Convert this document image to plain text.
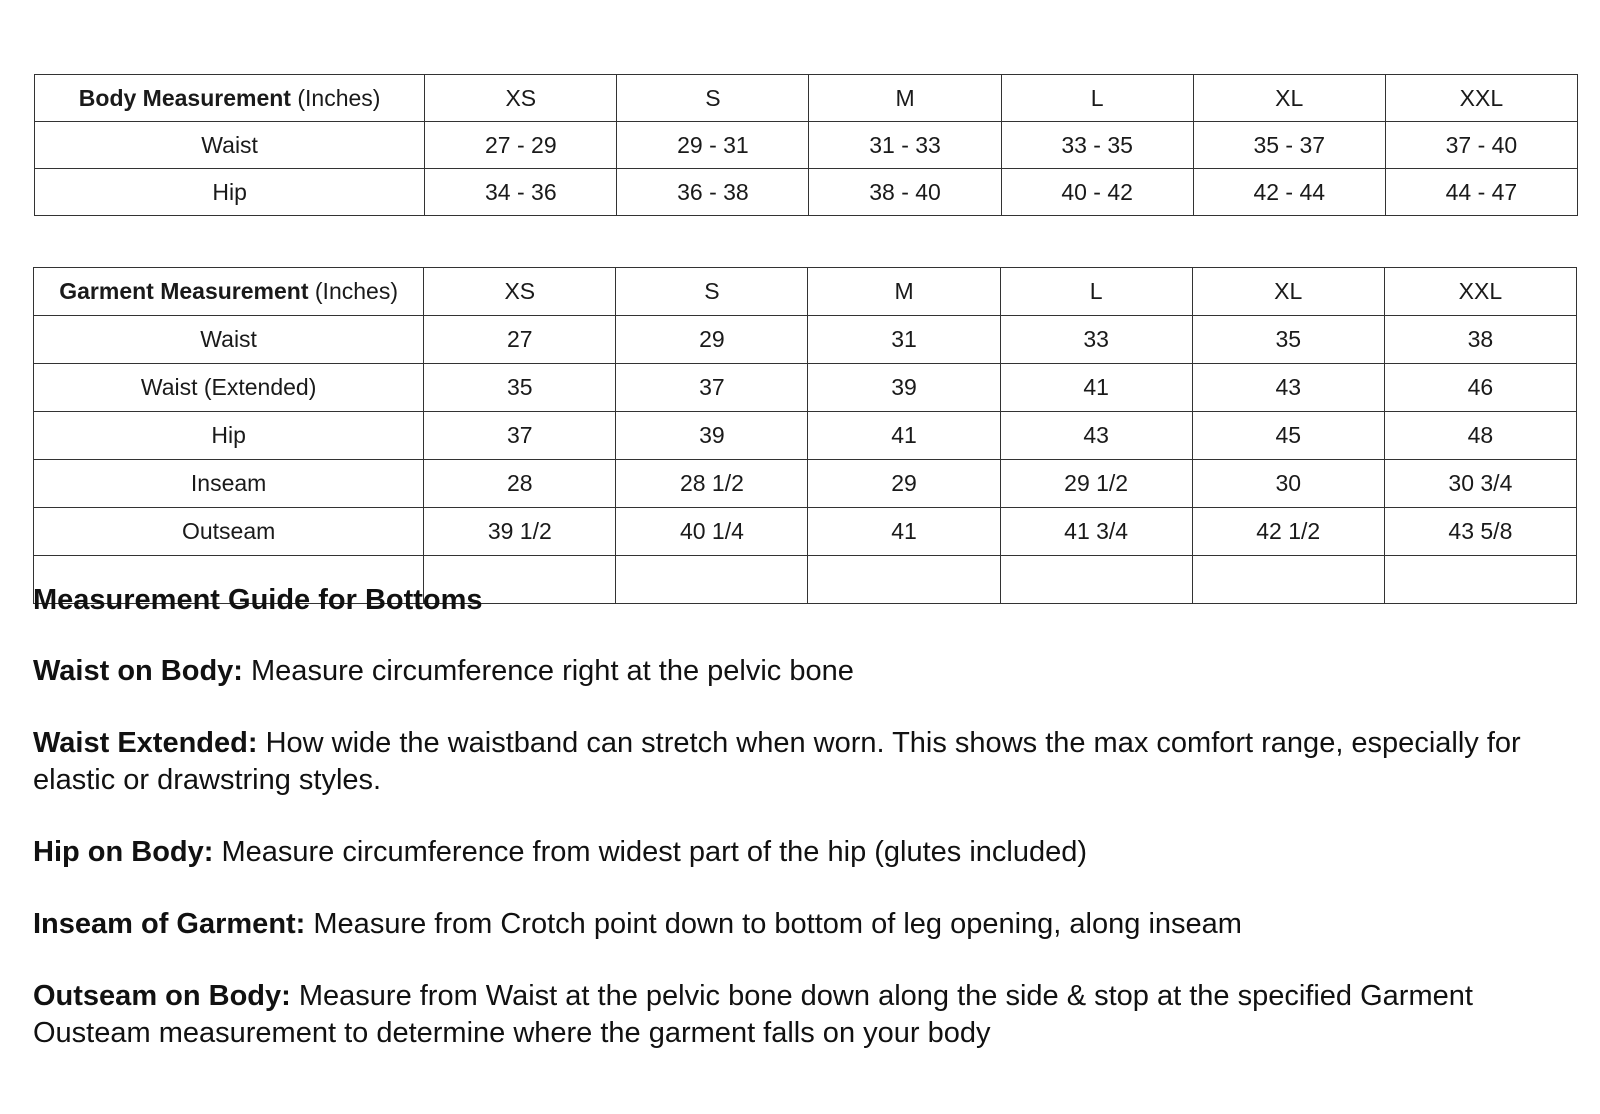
Body Measurement (Inches)	XS	S	M	L	XL	XXL
Waist	27 - 29	29 - 31	31 - 33	33 - 35	35 - 37	37 - 40
Hip	34 - 36	36 - 38	38 - 40	40 - 42	42 - 44	44 - 47
Garment Measurement (Inches)	XS	S	M	L	XL	XXL
Waist	27	29	31	33	35	38
Waist (Extended)	35	37	39	41	43	46
Hip	37	39	41	43	45	48
Inseam	28	28 1/2	29	29 1/2	30	30 3/4
Outseam	39 1/2	40 1/4	41	41 3/4	42 1/2	43 5/8

Measurement Guide for Bottoms
Waist on Body: Measure circumference right at the pelvic bone
Waist Extended: How wide the waistband can stretch when worn. This shows the max comfort range, especially for elastic or drawstring styles.
Hip on Body: Measure circumference from widest part of the hip (glutes included)
Inseam of Garment: Measure from Crotch point down to bottom of leg opening, along inseam
Outseam on Body: Measure from Waist at the pelvic bone down along the side & stop at the specified Garment Ousteam measurement to determine where the garment falls on your body
